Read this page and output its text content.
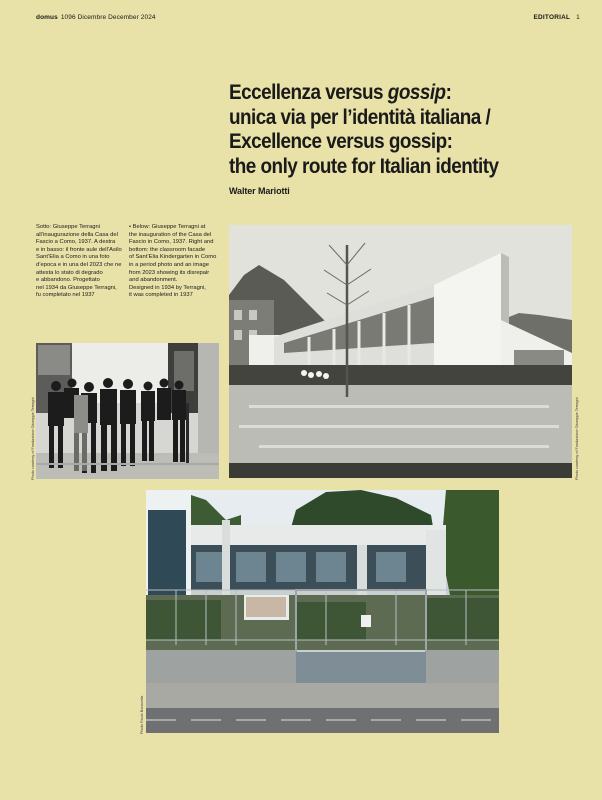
domus 1096 Dicembre December 2024	EDITORIAL 1
Eccellenza versus gossip:
unica via per l’identità italiana /
Excellence versus gossip:
the only route for Italian identity
Walter Mariotti
Sotto: Giuseppe Terragni
all’inaugurazione della Casa del
Fascio a Como, 1937. A destra
e in basso: il fronte aule dell’Asilo
Sant’Elia a Como in una foto
d’epoca e in una del 2023 che ne
attesta lo stato di degrado
e abbandono. Progettato
nel 1934 da Giuseppe Terragni,
fu completato nel 1937
• Below: Giuseppe Terragni at
the inauguration of the Casa del
Fascio in Como, 1937. Right and
bottom: the classroom facade
of Sant’Elia Kindergarten in Como
in a period photo and an image
from 2023 showing its disrepair
and abandonment.
Designed in 1934 by Terragni,
it was completed in 1937
Photo courtesy of Fondazione Giuseppe Terragni	Photo courtesy of Fondazione Giuseppe Terragni
Photo Paolo Bonavella
